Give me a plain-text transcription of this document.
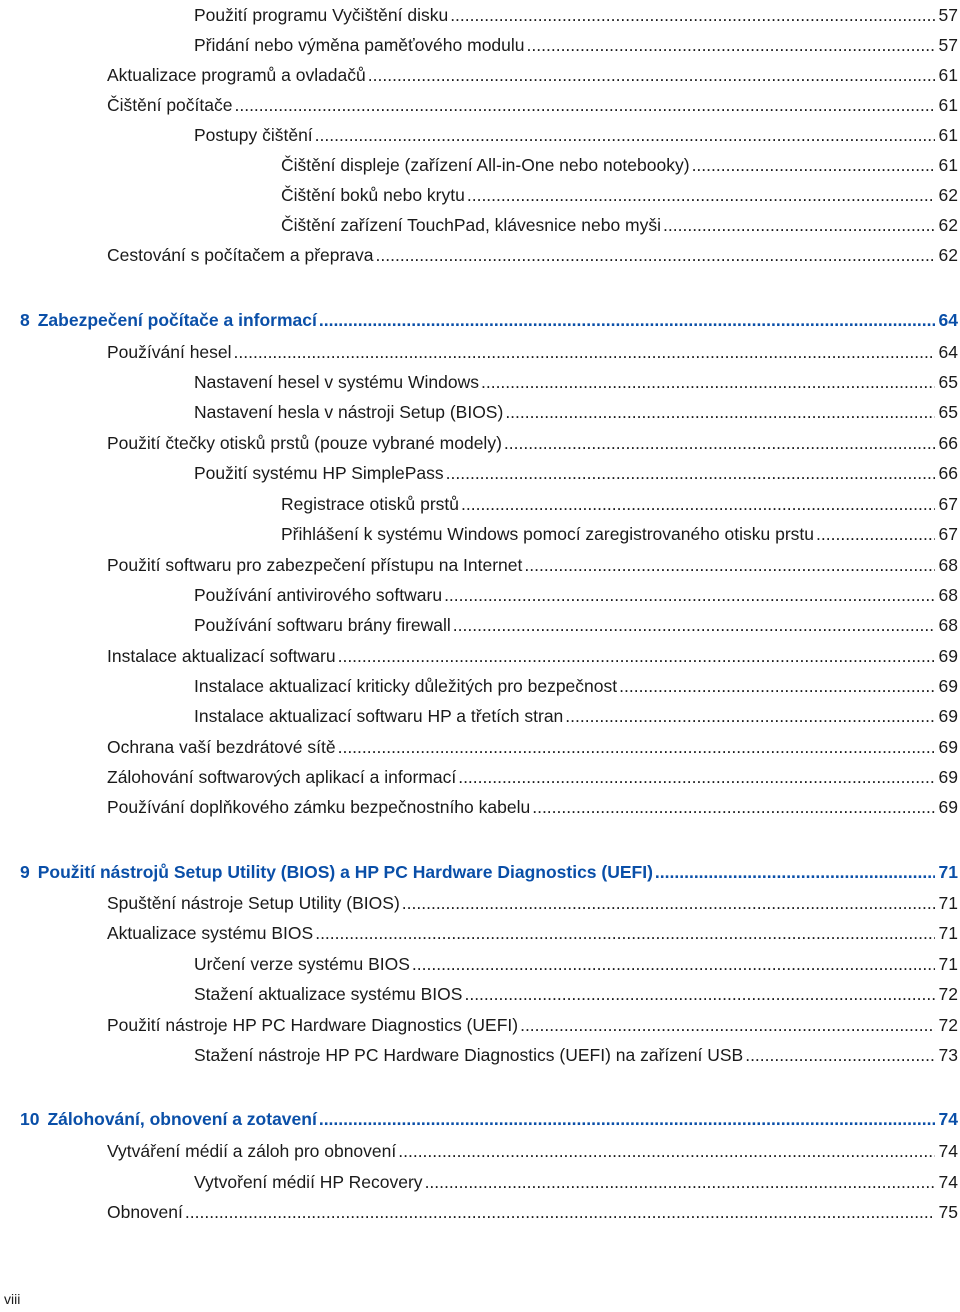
Použití programu Vyčištění disku .....	57
Přidání nebo výměna paměťového modulu .....	57
Aktualizace programů a ovladačů .....	61
Čištění počítače .....	61
Postupy čištění .....	61
Čištění displeje (zařízení All-in-One nebo notebooky) .....	61
Čištění boků nebo krytu .....	62
Čištění zařízení TouchPad, klávesnice nebo myši .....	62
Cestování s počítačem a přeprava .....	62
8 Zabezpečení počítače a informací .....	64
Používání hesel .....	64
Nastavení hesel v systému Windows .....	65
Nastavení hesla v nástroji Setup (BIOS) .....	65
Použití čtečky otisků prstů (pouze vybrané modely) .....	66
Použití systému HP SimplePass .....	66
Registrace otisků prstů .....	67
Přihlášení k systému Windows pomocí zaregistrovaného otisku prstu .....	67
Použití softwaru pro zabezpečení přístupu na Internet .....	68
Používání antivirového softwaru .....	68
Používání softwaru brány firewall .....	68
Instalace aktualizací softwaru .....	69
Instalace aktualizací kriticky důležitých pro bezpečnost .....	69
Instalace aktualizací softwaru HP a třetích stran .....	69
Ochrana vaší bezdrátové sítě .....	69
Zálohování softwarových aplikací a informací .....	69
Používání doplňkového zámku bezpečnostního kabelu .....	69
9 Použití nástrojů Setup Utility (BIOS) a HP PC Hardware Diagnostics (UEFI) .....	71
Spuštění nástroje Setup Utility (BIOS) .....	71
Aktualizace systému BIOS .....	71
Určení verze systému BIOS .....	71
Stažení aktualizace systému BIOS .....	72
Použití nástroje HP PC Hardware Diagnostics (UEFI) .....	72
Stažení nástroje HP PC Hardware Diagnostics (UEFI) na zařízení USB .....	73
10 Zálohování, obnovení a zotavení .....	74
Vytváření médií a záloh pro obnovení .....	74
Vytvoření médií HP Recovery .....	74
Obnovení .....	75
viii
